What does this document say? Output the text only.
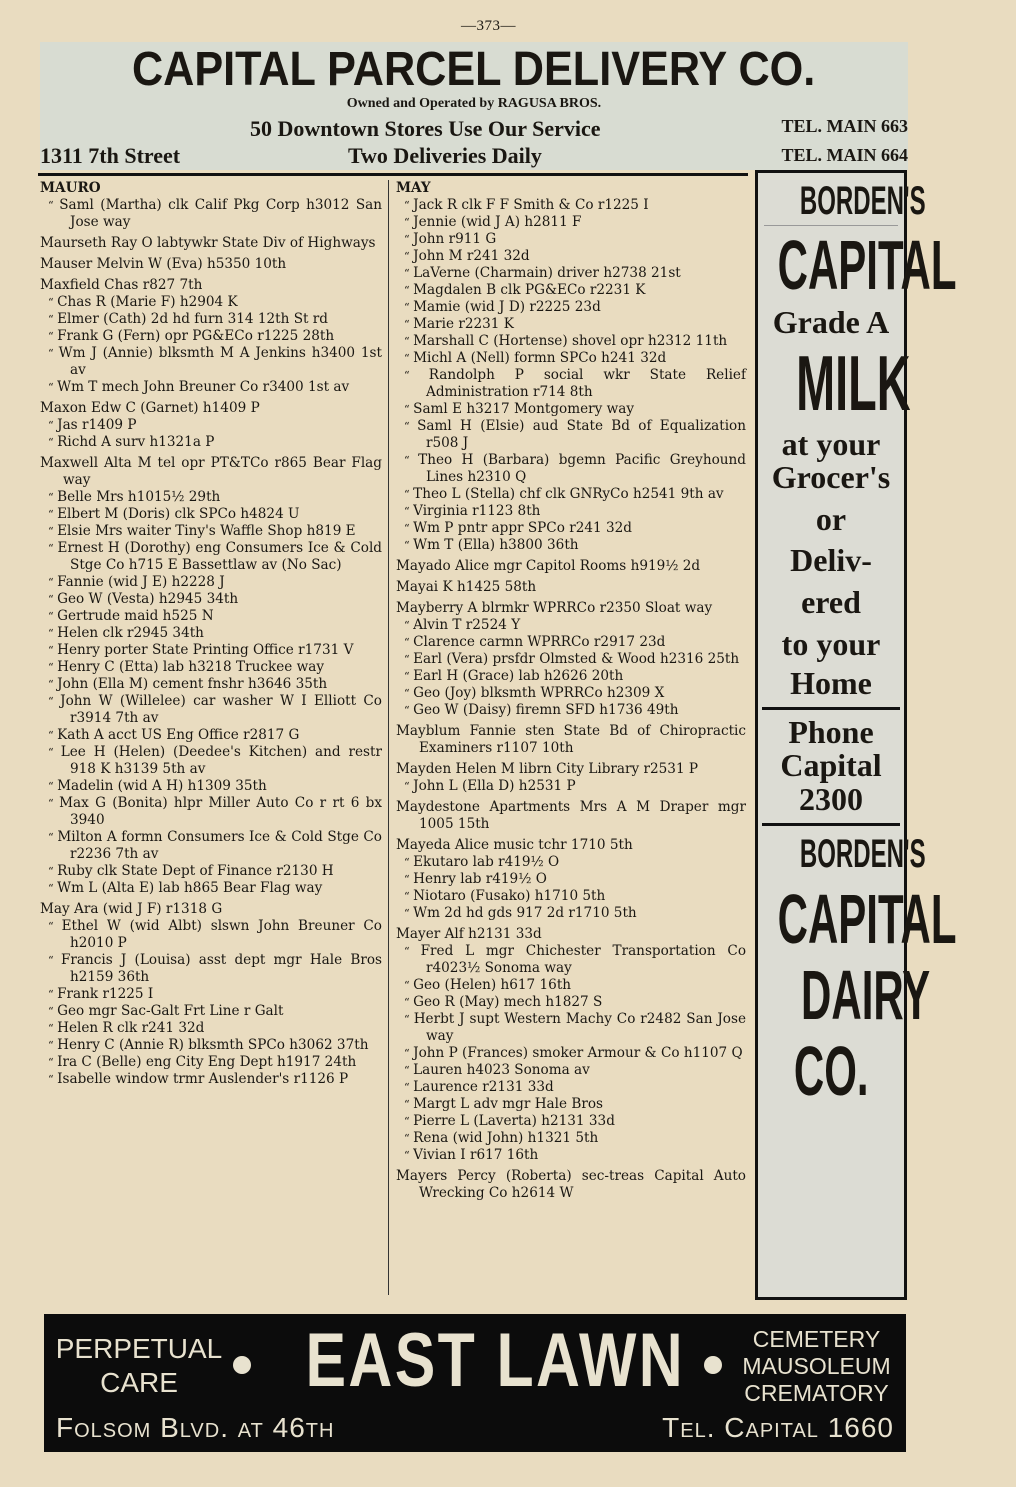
—373—
CAPITAL PARCEL DELIVERY CO.
Owned and Operated by RAGUSA BROS.
50 Downtown Stores Use Our Service
Two Deliveries Daily
1311 7th Street
TEL. MAIN 663
TEL. MAIN 664
MAURO
“ Saml (Martha) clk Calif Pkg Corp h3012 San Jose way
Maurseth Ray O labtywkr State Div of Highways
Mauser Melvin W (Eva) h5350 10th
Maxfield Chas r827 7th
“ Chas R (Marie F) h2904 K
“ Elmer (Cath) 2d hd furn 314 12th St rd
“ Frank G (Fern) opr PG&ECo r1225 28th
“ Wm J (Annie) blksmth M A Jenkins h3400 1st av
“ Wm T mech John Breuner Co r3400 1st av
Maxon Edw C (Garnet) h1409 P
“ Jas r1409 P
“ Richd A surv h1321a P
Maxwell Alta M tel opr PT&TCo r865 Bear Flag way
“ Belle Mrs h1015½ 29th
“ Elbert M (Doris) clk SPCo h4824 U
“ Elsie Mrs waiter Tiny's Waffle Shop h819 E
“ Ernest H (Dorothy) eng Consumers Ice & Cold Stge Co h715 E Bassettlaw av (No Sac)
“ Fannie (wid J E) h2228 J
“ Geo W (Vesta) h2945 34th
“ Gertrude maid h525 N
“ Helen clk r2945 34th
“ Henry porter State Printing Office r1731 V
“ Henry C (Etta) lab h3218 Truckee way
“ John (Ella M) cement fnshr h3646 35th
“ John W (Willelee) car washer W I Elliott Co r3914 7th av
“ Kath A acct US Eng Office r2817 G
“ Lee H (Helen) (Deedee's Kitchen) and restr 918 K h3139 5th av
“ Madelin (wid A H) h1309 35th
“ Max G (Bonita) hlpr Miller Auto Co r rt 6 bx 3940
“ Milton A formn Consumers Ice & Cold Stge Co r2236 7th av
“ Ruby clk State Dept of Finance r2130 H
“ Wm L (Alta E) lab h865 Bear Flag way
May Ara (wid J F) r1318 G
“ Ethel W (wid Albt) slswn John Breuner Co h2010 P
“ Francis J (Louisa) asst dept mgr Hale Bros h2159 36th
“ Frank r1225 I
“ Geo mgr Sac-Galt Frt Line r Galt
“ Helen R clk r241 32d
“ Henry C (Annie R) blksmth SPCo h3062 37th
“ Ira C (Belle) eng City Eng Dept h1917 24th
“ Isabelle window trmr Auslender's r1126 P
MAY
“ Jack R clk F F Smith & Co r1225 I
“ Jennie (wid J A) h2811 F
“ John r911 G
“ John M r241 32d
“ LaVerne (Charmain) driver h2738 21st
“ Magdalen B clk PG&ECo r2231 K
“ Mamie (wid J D) r2225 23d
“ Marie r2231 K
“ Marshall C (Hortense) shovel opr h2312 11th
“ Michl A (Nell) formn SPCo h241 32d
“ Randolph P social wkr State Relief Administration r714 8th
“ Saml E h3217 Montgomery way
“ Saml H (Elsie) aud State Bd of Equalization r508 J
“ Theo H (Barbara) bgemn Pacific Greyhound Lines h2310 Q
“ Theo L (Stella) chf clk GNRyCo h2541 9th av
“ Virginia r1123 8th
“ Wm P pntr appr SPCo r241 32d
“ Wm T (Ella) h3800 36th
Mayado Alice mgr Capitol Rooms h919½ 2d
Mayai K h1425 58th
Mayberry A blrmkr WPRRCo r2350 Sloat way
“ Alvin T r2524 Y
“ Clarence carmn WPRRCo r2917 23d
“ Earl (Vera) prsfdr Olmsted & Wood h2316 25th
“ Earl H (Grace) lab h2626 20th
“ Geo (Joy) blksmth WPRRCo h2309 X
“ Geo W (Daisy) firemn SFD h1736 49th
Mayblum Fannie sten State Bd of Chiropractic Examiners r1107 10th
Mayden Helen M librn City Library r2531 P
“ John L (Ella D) h2531 P
Maydestone Apartments Mrs A M Draper mgr 1005 15th
Mayeda Alice music tchr 1710 5th
“ Ekutaro lab r419½ O
“ Henry lab r419½ O
“ Niotaro (Fusako) h1710 5th
“ Wm 2d hd gds 917 2d r1710 5th
Mayer Alf h2131 33d
“ Fred L mgr Chichester Transportation Co r4023½ Sonoma way
“ Geo (Helen) h617 16th
“ Geo R (May) mech h1827 S
“ Herbt J supt Western Machy Co r2482 San Jose way
“ John P (Frances) smoker Armour & Co h1107 Q
“ Lauren h4023 Sonoma av
“ Laurence r2131 33d
“ Margt L adv mgr Hale Bros
“ Pierre L (Laverta) h2131 33d
“ Rena (wid John) h1321 5th
“ Vivian I r617 16th
Mayers Percy (Roberta) sec-treas Capital Auto Wrecking Co h2614 W
BORDEN'S
CAPITAL
Grade A
MILK
at your
Grocer's
or
Deliv-
ered
to your
Home
Phone
Capital
2300
BORDEN'S
CAPITAL
DAIRY
CO.
PERPETUAL
CARE	EAST LAWN	CEMETERY
MAUSOLEUM
CREMATORY
Folsom Blvd. at 46th	Tel. Capital 1660
